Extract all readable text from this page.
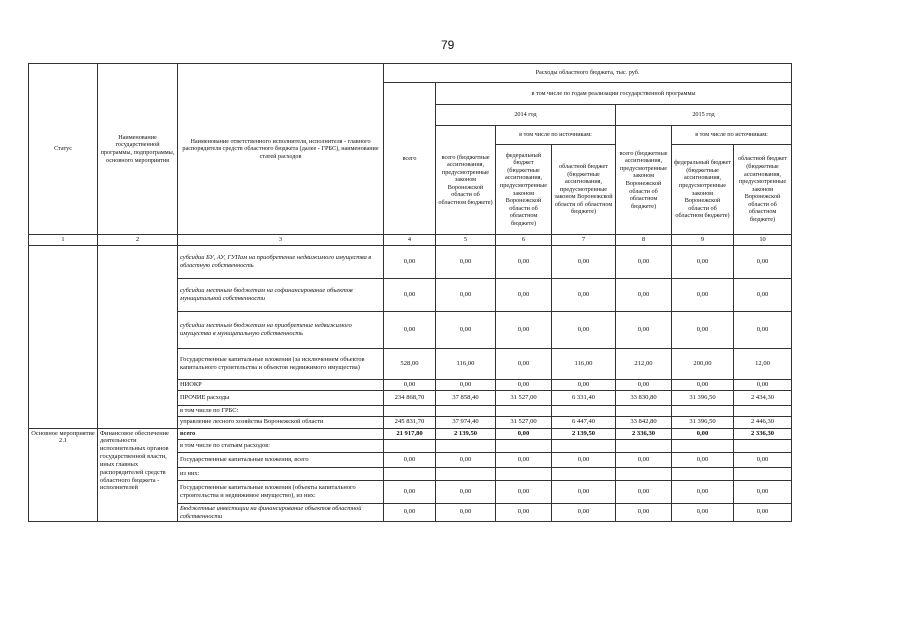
79
Статус	Наименование государственной программы, подпрограммы, основного мероприятия	Наименование ответственного исполнителя, исполнителя - главного распорядителя средств областного бюджета (далее - ГРБС), наименование статей расходов	Расходы областного бюджета, тыс. руб.						
			всего	в том числе по годам реализации государственной программы					
				2014 год			2015 год		
				всего (бюджетные ассигнования, предусмотренные законом Воронежской области об областном бюджете)	в том числе по источникам:		всего (бюджетные ассигнования, предусмотренные законом Воронежской области об областном бюджете)	в том числе по источникам:	
					федеральный бюджет (бюджетные ассигнования, предусмотренные законом Воронежской области об областном бюджете)	областной бюджет (бюджетные ассигнования, предусмотренные законом Воронежской области об областном бюджете)		федеральный бюджет (бюджетные ассигнования, предусмотренные законом Воронежской области об областном бюджете)	областной бюджет (бюджетные ассигнования, предусмотренные законом Воронежской области об областном бюджете)
1	2	3	4	5	6	7	8	9	10
		субсидии БУ, АУ, ГУПам на приобретение недвижимого имущества в областную собственность	0,00	0,00	0,00	0,00	0,00	0,00	0,00
		субсидии местным бюджетам на софинансирование объектов муниципальной собственности	0,00	0,00	0,00	0,00	0,00	0,00	0,00
		субсидии местным бюджетам на приобретение недвижимого имущества в муниципальную собственность	0,00	0,00	0,00	0,00	0,00	0,00	0,00
		Государственные капитальные вложения (за исключением объектов капитального строительства и объектов недвижимого имущества)	528,00	116,00	0,00	116,00	212,00	200,00	12,00
		НИОКР	0,00	0,00	0,00	0,00	0,00	0,00	0,00
		ПРОЧИЕ расходы	234 868,70	37 858,40	31 527,00	6 331,40	33 830,80	31 396,50	2 434,30
		в том числе по ГРБС:							
		управление лесного хозяйства Воронежской области	245 831,70	37 974,40	31 527,00	6 447,40	33 842,80	31 396,50	2 446,30
Основное мероприятие 2.1	Финансовое обеспечение деятельности исполнительных органов государственной власти, иных главных распорядителей средств областного бюджета - исполнителей	всего	21 917,80	2 139,50	0,00	2 139,50	2 336,30	0,00	2 336,30
		в том числе по статьям расходов:							
		Государственные капитальные вложения, всего	0,00	0,00	0,00	0,00	0,00	0,00	0,00
		из них:							
		Государственные капитальные вложения (объекты капитального строительства и недвижимое имущество), из них:	0,00	0,00	0,00	0,00	0,00	0,00	0,00
		Бюджетные инвестиции на финансирование объектов областной собственности	0,00	0,00	0,00	0,00	0,00	0,00	0,00
